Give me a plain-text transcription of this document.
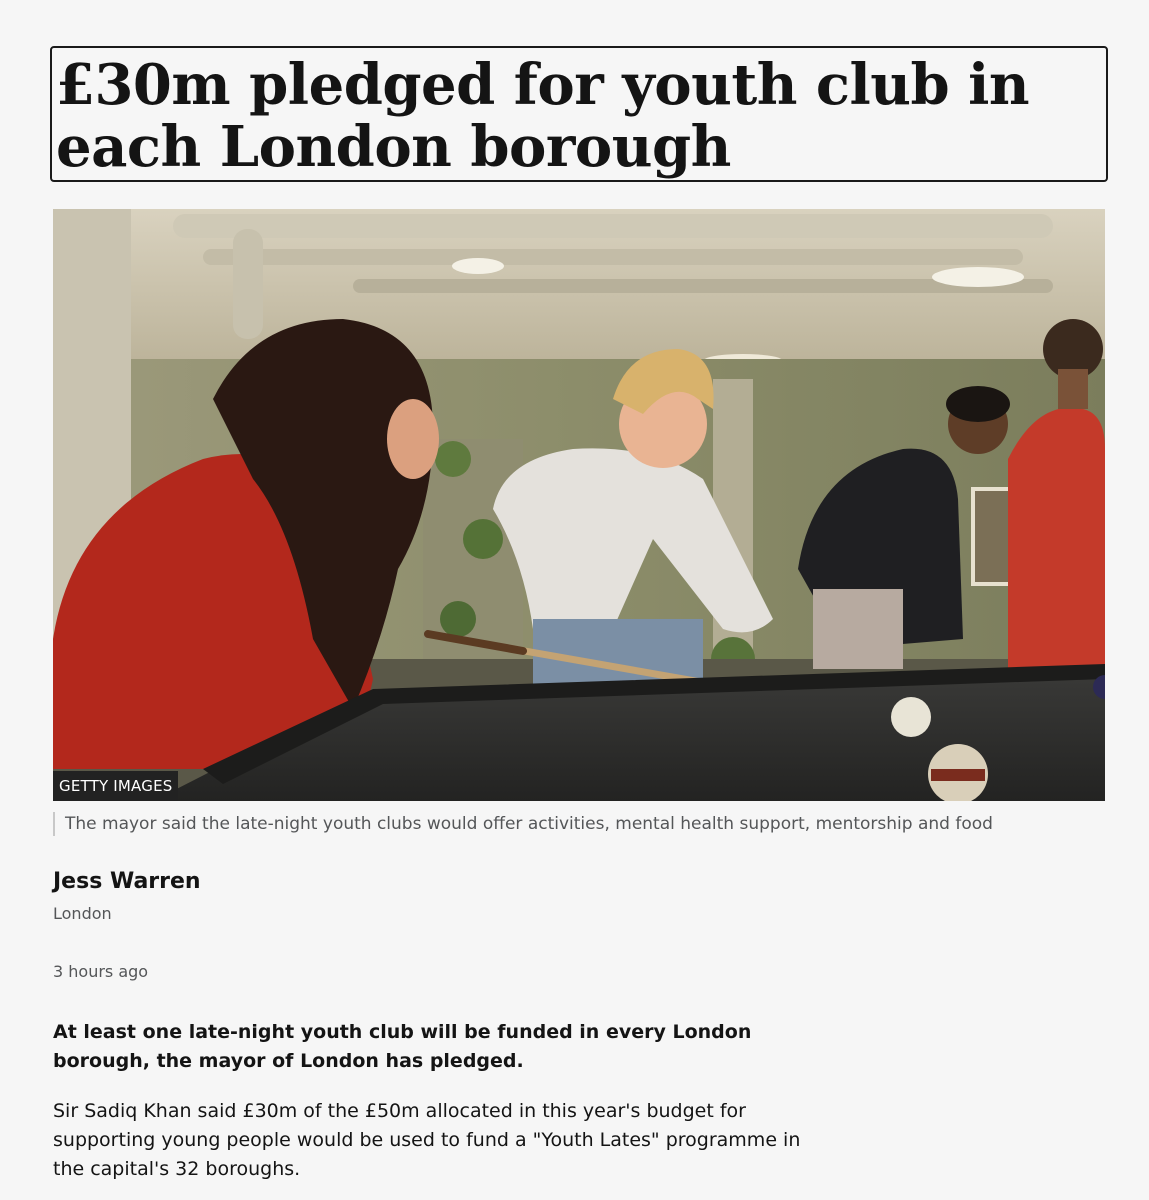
£30m pledged for youth club in each London borough
GETTY IMAGES

The mayor said the late-night youth clubs would offer activities, mental health support, mentorship and food

Jess Warren
London
3 hours ago

At least one late-night youth club will be funded in every London borough, the mayor of London has pledged.

Sir Sadiq Khan said £30m of the £50m allocated in this year's budget for supporting young people would be used to fund a "Youth Lates" programme in the capital's 32 boroughs.
